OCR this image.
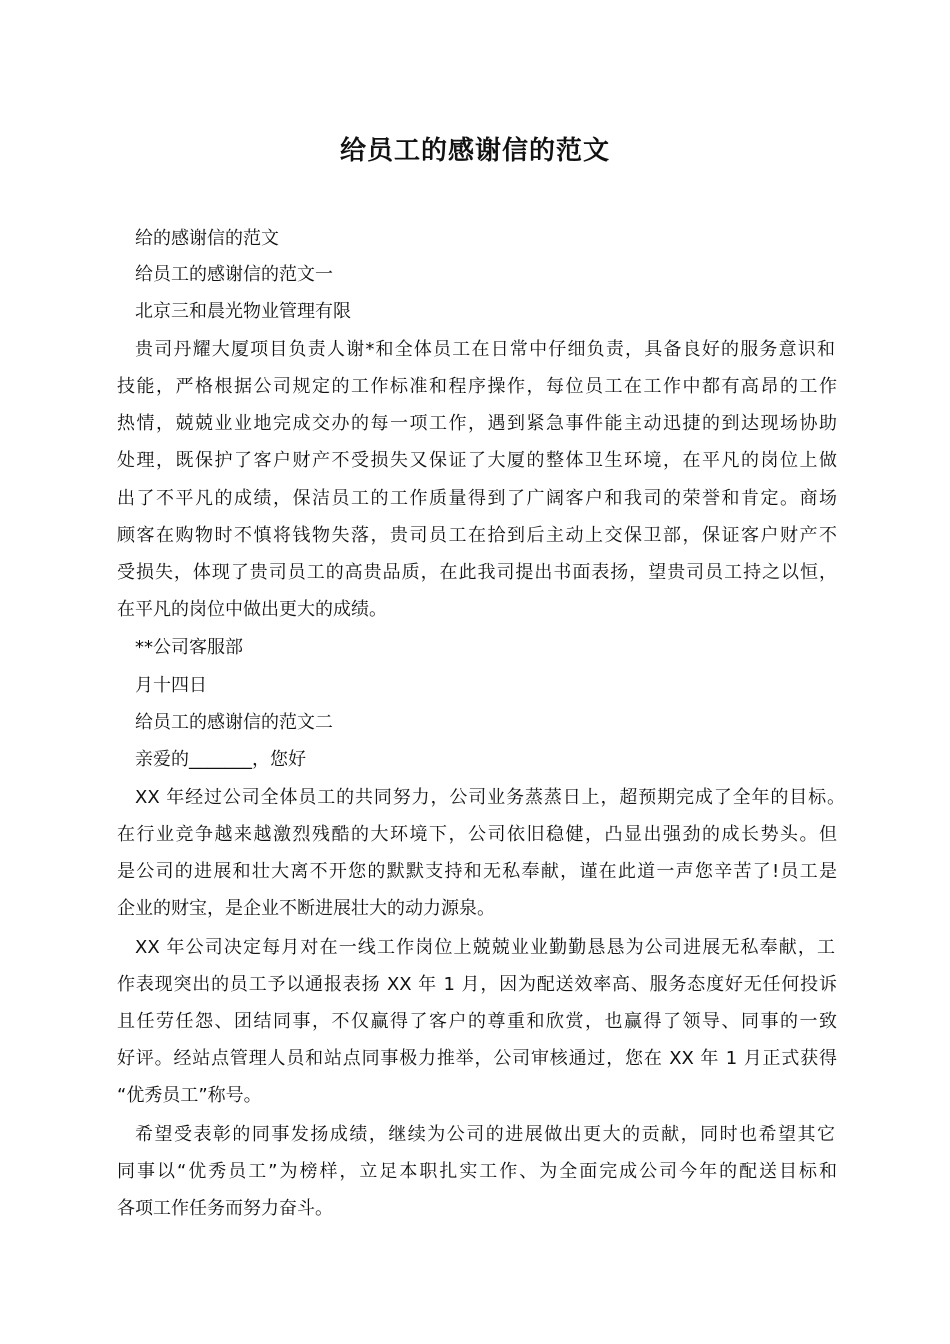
给员工的感谢信的范文
给的感谢信的范文
给员工的感谢信的范文一
北京三和晨光物业管理有限
贵司丹耀大厦项目负责人谢*和全体员工在日常中仔细负责，具备良好的服务意识和
技能，严格根据公司规定的工作标准和程序操作，每位员工在工作中都有高昂的工作
热情，兢兢业业地完成交办的每一项工作，遇到紧急事件能主动迅捷的到达现场协助
处理，既保护了客户财产不受损失又保证了大厦的整体卫生环境，在平凡的岗位上做
出了不平凡的成绩，保洁员工的工作质量得到了广阔客户和我司的荣誉和肯定。商场
顾客在购物时不慎将钱物失落，贵司员工在拾到后主动上交保卫部，保证客户财产不
受损失，体现了贵司员工的高贵品质，在此我司提出书面表扬，望贵司员工持之以恒，
在平凡的岗位中做出更大的成绩。
**公司客服部
月十四日
给员工的感谢信的范文二
亲爱的_______，您好
XX 年经过公司全体员工的共同努力，公司业务蒸蒸日上，超预期完成了全年的目标。
在行业竞争越来越激烈残酷的大环境下，公司依旧稳健，凸显出强劲的成长势头。但
是公司的进展和壮大离不开您的默默支持和无私奉献，谨在此道一声您辛苦了!员工是
企业的财宝，是企业不断进展壮大的动力源泉。
XX 年公司决定每月对在一线工作岗位上兢兢业业勤勤恳恳为公司进展无私奉献，工
作表现突出的员工予以通报表扬 XX 年 1 月，因为配送效率高、服务态度好无任何投诉
且任劳任怨、团结同事，不仅赢得了客户的尊重和欣赏，也赢得了领导、同事的一致
好评。经站点管理人员和站点同事极力推举，公司审核通过，您在 XX 年 1 月正式获得
“优秀员工”称号。
希望受表彰的同事发扬成绩，继续为公司的进展做出更大的贡献，同时也希望其它
同事以“优秀员工”为榜样，立足本职扎实工作、为全面完成公司今年的配送目标和
各项工作任务而努力奋斗。
